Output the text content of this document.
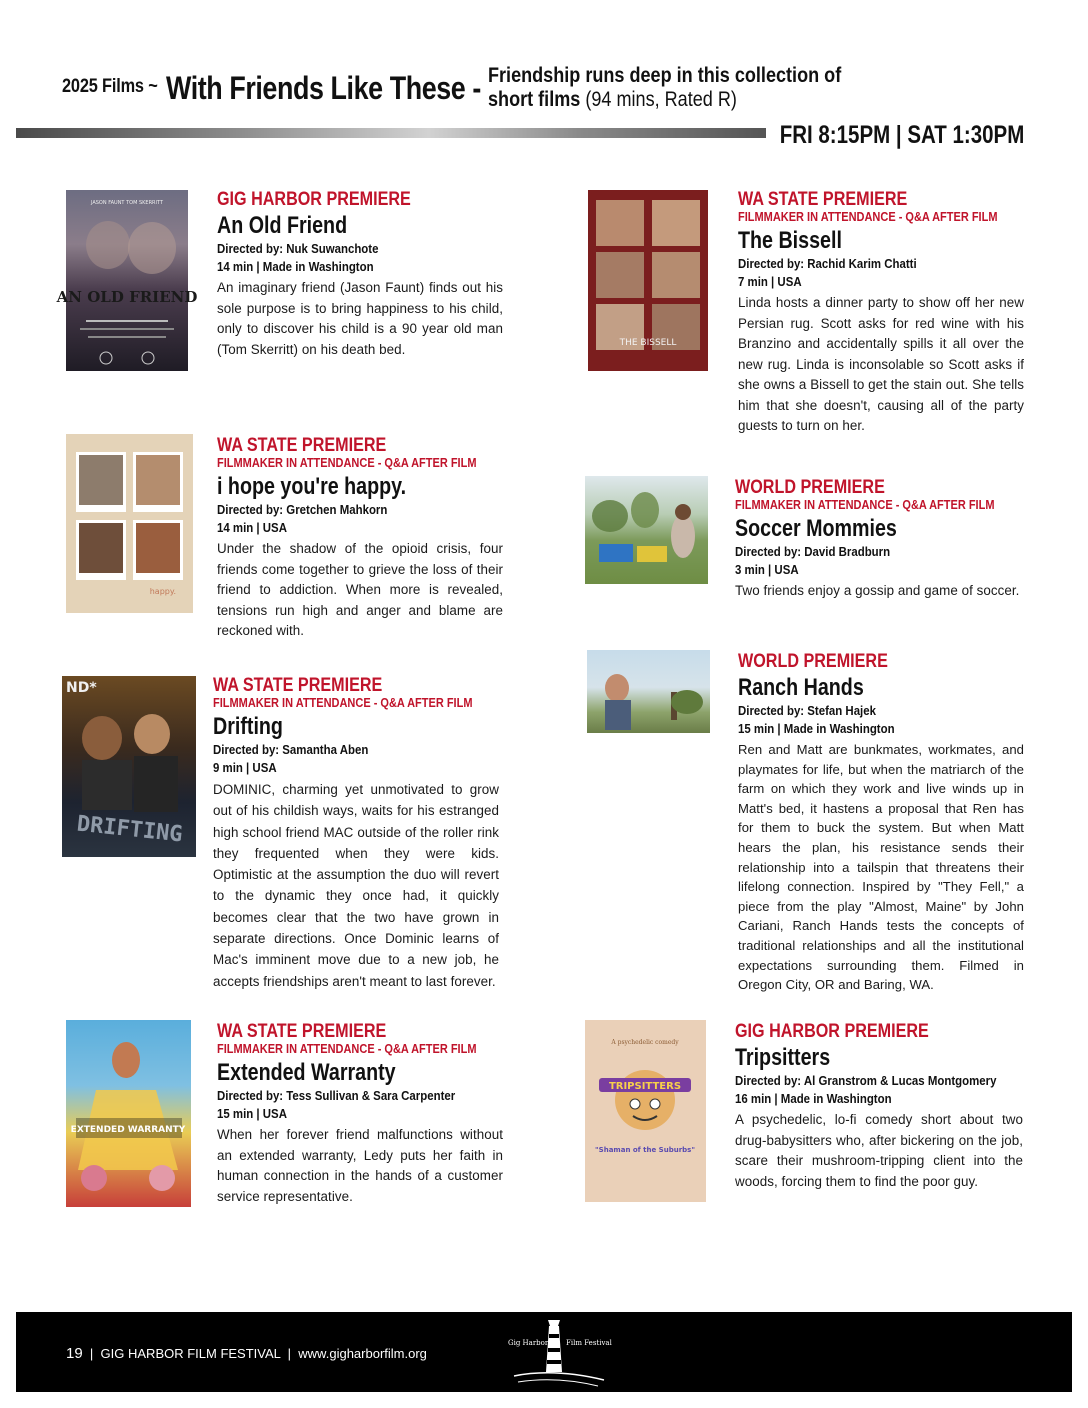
2025 Films ~ With Friends Like These - Friendship runs deep in this collection of
short films (94 mins, Rated R)
FRI 8:15PM | SAT 1:30PM
JASON FAUNT TOM SKERRITT
AN OLD FRIEND
GIG HARBOR PREMIERE
An Old Friend
Directed by: Nuk Suwanchote
14 min | Made in Washington
An imaginary friend (Jason Faunt) finds out his sole purpose is to bring happiness to his child, only to discover his child is a 90 year old man (Tom Skerritt) on his death bed.	THE BISSELL
WA STATE PREMIERE
FILMMAKER IN ATTENDANCE - Q&A AFTER FILM
The Bissell
Directed by: Rachid Karim Chatti
7 min | USA
Linda hosts a dinner party to show off her new Persian rug. Scott asks for red wine with his Branzino and accidentally spills it all over the new rug. Linda is inconsolable so Scott asks if she owns a Bissell to get the stain out. She tells him that she doesn't, causing all of the party guests to turn on her.
happy.
WA STATE PREMIERE
FILMMAKER IN ATTENDANCE - Q&A AFTER FILM
i hope you're happy.
Directed by: Gretchen Mahkorn
14 min | USA
Under the shadow of the opioid crisis, four friends come together to grieve the loss of their friend to addiction. When more is revealed, tensions run high and anger and blame are reckoned with.
WORLD PREMIERE
FILMMAKER IN ATTENDANCE - Q&A AFTER FILM
Soccer Mommies
Directed by: David Bradburn
3 min | USA
Two friends enjoy a gossip and game of soccer.
ND*
DRIFTING
WA STATE PREMIERE
FILMMAKER IN ATTENDANCE - Q&A AFTER FILM
Drifting
Directed by: Samantha Aben
9 min | USA
DOMINIC, charming yet unmotivated to grow out of his childish ways, waits for his estranged high school friend MAC outside of the roller rink they frequented when they were kids. Optimistic at the assumption the duo will revert to the dynamic they once had, it quickly becomes clear that the two have grown in separate directions. Once Dominic learns of Mac's imminent move due to a new job, he accepts friendships aren't meant to last forever.
WORLD PREMIERE
Ranch Hands
Directed by: Stefan Hajek
15 min | Made in Washington
Ren and Matt are bunkmates, workmates, and playmates for life, but when the matriarch of the farm on which they work and live winds up in Matt's bed, it hastens a proposal that Ren has for them to buck the system. But when Matt hears the plan, his resistance sends their relationship into a tailspin that threatens their lifelong connection. Inspired by "They Fell," a piece from the play "Almost, Maine" by John Cariani, Ranch Hands tests the concepts of traditional relationships and all the institutional expectations surrounding them. Filmed in Oregon City, OR and Baring, WA.
EXTENDED WARRANTY
WA STATE PREMIERE
FILMMAKER IN ATTENDANCE - Q&A AFTER FILM
Extended Warranty
Directed by: Tess Sullivan & Sara Carpenter
15 min | USA
When her forever friend malfunctions without an extended warranty, Ledy puts her faith in human connection in the hands of a customer service representative.
A psychedelic comedy
TRIPSITTERS
"Shaman of the Suburbs"
GIG HARBOR PREMIERE
Tripsitters
Directed by: Al Granstrom & Lucas Montgomery
16 min | Made in Washington
A psychedelic, lo-fi comedy short about two drug-babysitters who, after bickering on the job, scare their mushroom-tripping client into the woods, forcing them to find the poor guy.
19 | GIG HARBOR FILM FESTIVAL | www.gigharborfilm.org
Gig Harbor	Film Festival
